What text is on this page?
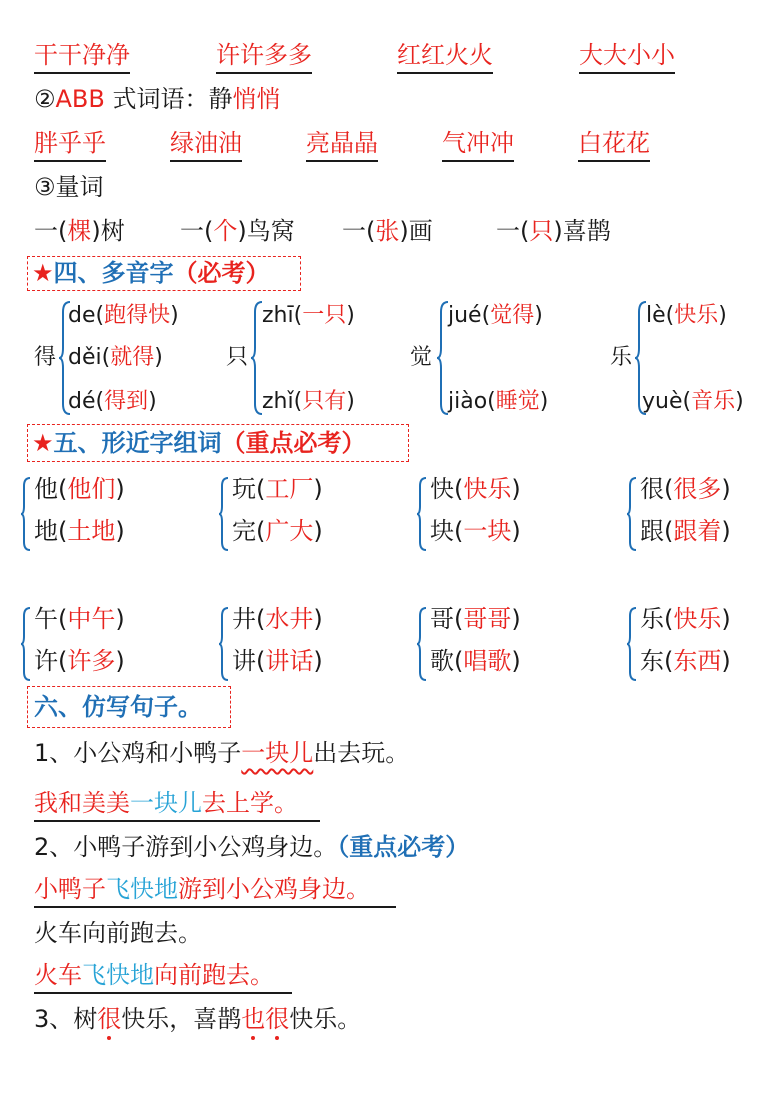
干干净净	许许多多	红红火火	大大小小
②ABB 式词语：静悄悄
胖乎乎	绿油油	亮晶晶	气冲冲	白花花
③量词
一(棵)树 一(个)鸟窝 一(张)画	一(只)喜鹊
★四、多音字（必考）
得
de(跑得快)
děi(就得)
dé(得到)
只
zhī(一只)
zhǐ(只有)
觉
jué(觉得)
jiào(睡觉)
乐
lè(快乐)
yuè(音乐)
★五、形近字组词（重点必考）
他(他们)
地(土地)
玩(工厂)
完(广大)
快(快乐)
块(一块)
很(很多)
跟(跟着)
午(中午)
许(许多)
井(水井)
讲(讲话)
哥(哥哥)
歌(唱歌)
乐(快乐)
东(东西)
六、仿写句子。
1、小公鸡和小鸭子一块儿出去玩。
我和美美一块儿去上学。
2、小鸭子游到小公鸡身边。（重点必考）
小鸭子飞快地游到小公鸡身边。
火车向前跑去。
火车飞快地向前跑去。
3、树很快乐，喜鹊也很快乐。
